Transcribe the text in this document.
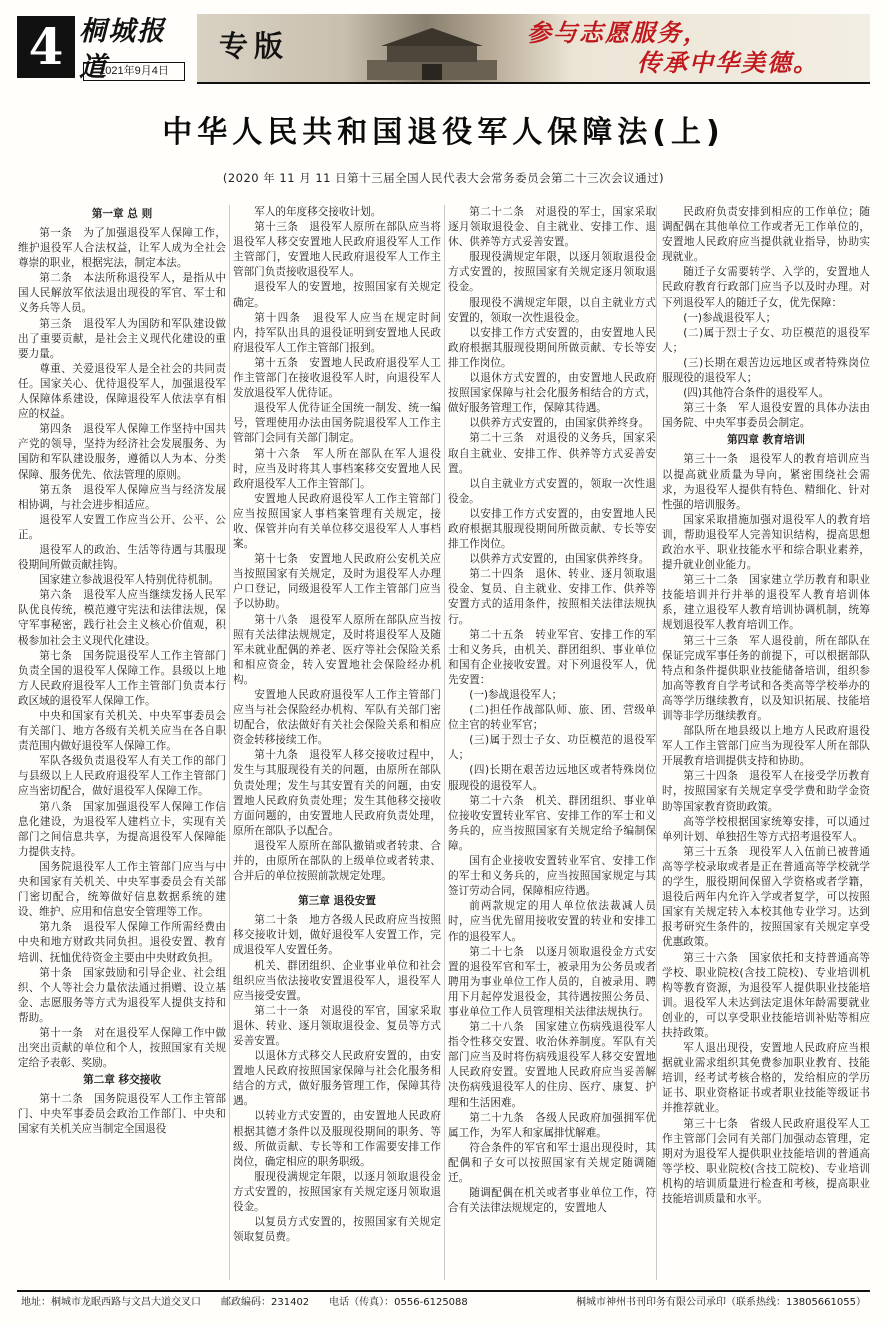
4 桐城报道
2021年9月4日
专版	参与志愿服务，
传承中华美德。
中华人民共和国退役军人保障法(上)
(2020 年 11 月 11 日第十三届全国人民代表大会常务委员会第二十三次会议通过)
第一章 总 则

第一条　为了加强退役军人保障工作，维护退役军人合法权益，让军人成为全社会尊崇的职业，根据宪法，制定本法。

第二条　本法所称退役军人，是指从中国人民解放军依法退出现役的军官、军士和义务兵等人员。

第三条　退役军人为国防和军队建设做出了重要贡献，是社会主义现代化建设的重要力量。

尊重、关爱退役军人是全社会的共同责任。国家关心、优待退役军人，加强退役军人保障体系建设，保障退役军人依法享有相应的权益。

第四条　退役军人保障工作坚持中国共产党的领导，坚持为经济社会发展服务、为国防和军队建设服务，遵循以人为本、分类保障、服务优先、依法管理的原则。

第五条　退役军人保障应当与经济发展相协调，与社会进步相适应。

退役军人安置工作应当公开、公平、公正。

退役军人的政治、生活等待遇与其服现役期间所做贡献挂钩。

国家建立参战退役军人特别优待机制。

第六条　退役军人应当继续发扬人民军队优良传统，模范遵守宪法和法律法规，保守军事秘密，践行社会主义核心价值观，积极参加社会主义现代化建设。

第七条　国务院退役军人工作主管部门负责全国的退役军人保障工作。县级以上地方人民政府退役军人工作主管部门负责本行政区域的退役军人保障工作。

中央和国家有关机关、中央军事委员会有关部门、地方各级有关机关应当在各自职责范围内做好退役军人保障工作。

军队各级负责退役军人有关工作的部门与县级以上人民政府退役军人工作主管部门应当密切配合，做好退役军人保障工作。

第八条　国家加强退役军人保障工作信息化建设，为退役军人建档立卡，实现有关部门之间信息共享，为提高退役军人保障能力提供支持。

国务院退役军人工作主管部门应当与中央和国家有关机关、中央军事委员会有关部门密切配合，统筹做好信息数据系统的建设、维护、应用和信息安全管理等工作。

第九条　退役军人保障工作所需经费由中央和地方财政共同负担。退役安置、教育培训、抚恤优待资金主要由中央财政负担。

第十条　国家鼓励和引导企业、社会组织、个人等社会力量依法通过捐赠、设立基金、志愿服务等方式为退役军人提供支持和帮助。

第十一条　对在退役军人保障工作中做出突出贡献的单位和个人，按照国家有关规定给予表彰、奖励。

第二章 移交接收

第十二条　国务院退役军人工作主管部门、中央军事委员会政治工作部门、中央和国家有关机关应当制定全国退役

军人的年度移交接收计划。

第十三条　退役军人原所在部队应当将退役军人移交安置地人民政府退役军人工作主管部门，安置地人民政府退役军人工作主管部门负责接收退役军人。

退役军人的安置地，按照国家有关规定确定。

第十四条　退役军人应当在规定时间内，持军队出具的退役证明到安置地人民政府退役军人工作主管部门报到。

第十五条　安置地人民政府退役军人工作主管部门在接收退役军人时，向退役军人发放退役军人优待证。

退役军人优待证全国统一制发、统一编号，管理使用办法由国务院退役军人工作主管部门会同有关部门制定。

第十六条　军人所在部队在军人退役时，应当及时将其人事档案移交安置地人民政府退役军人工作主管部门。

安置地人民政府退役军人工作主管部门应当按照国家人事档案管理有关规定，接收、保管并向有关单位移交退役军人人事档案。

第十七条　安置地人民政府公安机关应当按照国家有关规定，及时为退役军人办理户口登记，同级退役军人工作主管部门应当予以协助。

第十八条　退役军人原所在部队应当按照有关法律法规规定，及时将退役军人及随军未就业配偶的养老、医疗等社会保险关系和相应资金，转入安置地社会保险经办机构。

安置地人民政府退役军人工作主管部门应当与社会保险经办机构、军队有关部门密切配合，依法做好有关社会保险关系和相应资金转移接续工作。

第十九条　退役军人移交接收过程中，发生与其服现役有关的问题，由原所在部队负责处理；发生与其安置有关的问题，由安置地人民政府负责处理；发生其他移交接收方面问题的，由安置地人民政府负责处理，原所在部队予以配合。

退役军人原所在部队撤销或者转隶、合并的，由原所在部队的上级单位或者转隶、合并后的单位按照前款规定处理。

第三章 退役安置

第二十条　地方各级人民政府应当按照移交接收计划，做好退役军人安置工作，完成退役军人安置任务。

机关、群团组织、企业事业单位和社会组织应当依法接收安置退役军人，退役军人应当接受安置。

第二十一条　对退役的军官，国家采取退休、转业、逐月领取退役金、复员等方式妥善安置。

以退休方式移交人民政府安置的，由安置地人民政府按照国家保障与社会化服务相结合的方式，做好服务管理工作，保障其待遇。

以转业方式安置的，由安置地人民政府根据其德才条件以及服现役期间的职务、等级、所做贡献、专长等和工作需要安排工作岗位，确定相应的职务职级。

服现役满规定年限，以逐月领取退役金方式安置的，按照国家有关规定逐月领取退役金。

以复员方式安置的，按照国家有关规定领取复员费。

第二十二条　对退役的军士，国家采取逐月领取退役金、自主就业、安排工作、退休、供养等方式妥善安置。

服现役满规定年限，以逐月领取退役金方式安置的，按照国家有关规定逐月领取退役金。

服现役不满规定年限，以自主就业方式安置的，领取一次性退役金。

以安排工作方式安置的，由安置地人民政府根据其服现役期间所做贡献、专长等安排工作岗位。

以退休方式安置的，由安置地人民政府按照国家保障与社会化服务相结合的方式，做好服务管理工作，保障其待遇。

以供养方式安置的，由国家供养终身。

第二十三条　对退役的义务兵，国家采取自主就业、安排工作、供养等方式妥善安置。

以自主就业方式安置的，领取一次性退役金。

以安排工作方式安置的，由安置地人民政府根据其服现役期间所做贡献、专长等安排工作岗位。

以供养方式安置的，由国家供养终身。

第二十四条　退休、转业、逐月领取退役金、复员、自主就业、安排工作、供养等安置方式的适用条件，按照相关法律法规执行。

第二十五条　转业军官、安排工作的军士和义务兵，由机关、群团组织、事业单位和国有企业接收安置。对下列退役军人，优先安置：

(一)参战退役军人；

(二)担任作战部队师、旅、团、营级单位主官的转业军官；

(三)属于烈士子女、功臣模范的退役军人；

(四)长期在艰苦边远地区或者特殊岗位服现役的退役军人。

第二十六条　机关、群团组织、事业单位接收安置转业军官、安排工作的军士和义务兵的，应当按照国家有关规定给予编制保障。

国有企业接收安置转业军官、安排工作的军士和义务兵的，应当按照国家规定与其签订劳动合同，保障相应待遇。

前两款规定的用人单位依法裁减人员时，应当优先留用接收安置的转业和安排工作的退役军人。

第二十七条　以逐月领取退役金方式安置的退役军官和军士，被录用为公务员或者聘用为事业单位工作人员的，自被录用、聘用下月起停发退役金，其待遇按照公务员、事业单位工作人员管理相关法律法规执行。

第二十八条　国家建立伤病残退役军人指令性移交安置、收治休养制度。军队有关部门应当及时将伤病残退役军人移交安置地人民政府安置。安置地人民政府应当妥善解决伤病残退役军人的住房、医疗、康复、护理和生活困难。

第二十九条　各级人民政府加强拥军优属工作，为军人和家属排忧解难。

符合条件的军官和军士退出现役时，其配偶和子女可以按照国家有关规定随调随迁。

随调配偶在机关或者事业单位工作，符合有关法律法规规定的，安置地人

民政府负责安排到相应的工作单位；随调配偶在其他单位工作或者无工作单位的，安置地人民政府应当提供就业指导，协助实现就业。

随迁子女需要转学、入学的，安置地人民政府教育行政部门应当予以及时办理。对下列退役军人的随迁子女，优先保障：

(一)参战退役军人；

(二)属于烈士子女、功臣模范的退役军人；

(三)长期在艰苦边远地区或者特殊岗位服现役的退役军人；

(四)其他符合条件的退役军人。

第三十条　军人退役安置的具体办法由国务院、中央军事委员会制定。

第四章 教育培训

第三十一条　退役军人的教育培训应当以提高就业质量为导向，紧密围绕社会需求，为退役军人提供有特色、精细化、针对性强的培训服务。

国家采取措施加强对退役军人的教育培训，帮助退役军人完善知识结构，提高思想政治水平、职业技能水平和综合职业素养，提升就业创业能力。

第三十二条　国家建立学历教育和职业技能培训并行并举的退役军人教育培训体系，建立退役军人教育培训协调机制，统筹规划退役军人教育培训工作。

第三十三条　军人退役前，所在部队在保证完成军事任务的前提下，可以根据部队特点和条件提供职业技能储备培训，组织参加高等教育自学考试和各类高等学校举办的高等学历继续教育，以及知识拓展、技能培训等非学历继续教育。

部队所在地县级以上地方人民政府退役军人工作主管部门应当为现役军人所在部队开展教育培训提供支持和协助。

第三十四条　退役军人在接受学历教育时，按照国家有关规定享受学费和助学金资助等国家教育资助政策。

高等学校根据国家统筹安排，可以通过单列计划、单独招生等方式招考退役军人。

第三十五条　现役军人入伍前已被普通高等学校录取或者是正在普通高等学校就学的学生，服役期间保留入学资格或者学籍，退役后两年内允许入学或者复学，可以按照国家有关规定转入本校其他专业学习。达到报考研究生条件的，按照国家有关规定享受优惠政策。

第三十六条　国家依托和支持普通高等学校、职业院校(含技工院校)、专业培训机构等教育资源，为退役军人提供职业技能培训。退役军人未达到法定退休年龄需要就业创业的，可以享受职业技能培训补贴等相应扶持政策。

军人退出现役，安置地人民政府应当根据就业需求组织其免费参加职业教育、技能培训，经考试考核合格的，发给相应的学历证书、职业资格证书或者职业技能等级证书并推荐就业。

第三十七条　省级人民政府退役军人工作主管部门会同有关部门加强动态管理，定期对为退役军人提供职业技能培训的普通高等学校、职业院校(含技工院校)、专业培训机构的培训质量进行检查和考核，提高职业技能培训质量和水平。

地址：桐城市龙眠西路与文昌大道交叉口　　邮政编码：231402　　电话（传真）：0556-6125088	桐城市神州书刊印务有限公司承印（联系热线：13805661055）
